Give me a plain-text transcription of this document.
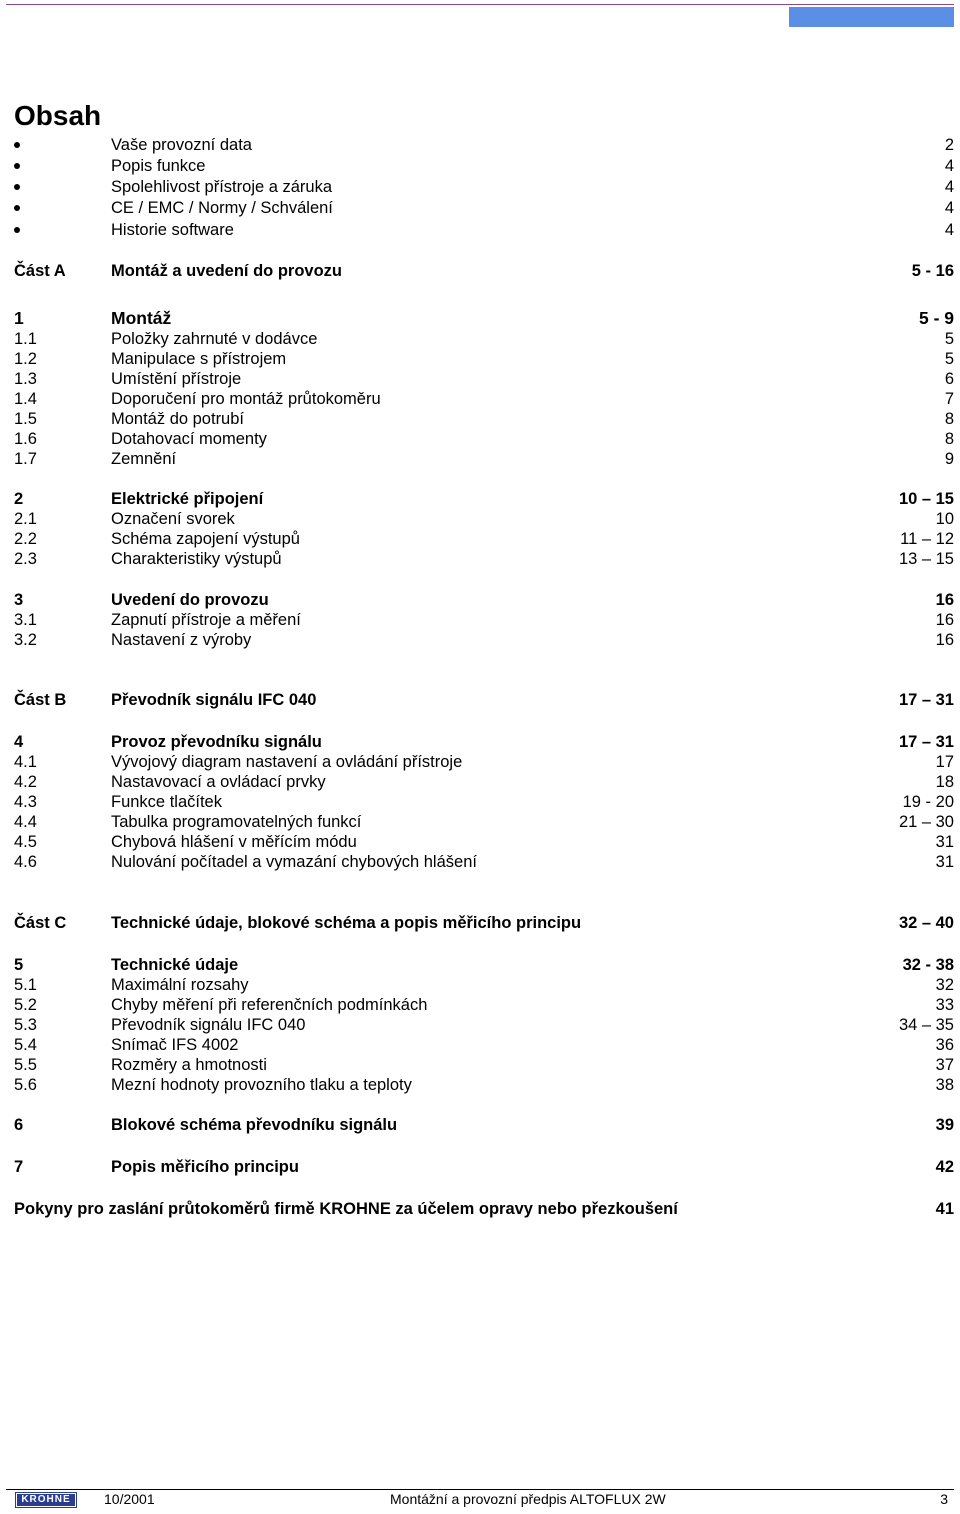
Obsah
Vaše provozní data	2
Popis funkce	4
Spolehlivost přístroje a záruka	4
CE / EMC / Normy / Schválení	4
Historie software	4
Část A	Montáž a uvedení do provozu	5 - 16
1	Montáž	5 - 9
1.1	Položky zahrnuté v dodávce	5
1.2	Manipulace s přístrojem	5
1.3	Umístění přístroje	6
1.4	Doporučení pro montáž průtokoměru	7
1.5	Montáž do potrubí	8
1.6	Dotahovací momenty	8
1.7	Zemnění	9
2	Elektrické připojení	10 – 15
2.1	Označení svorek	10
2.2	Schéma zapojení výstupů	11 – 12
2.3	Charakteristiky výstupů	13 – 15
3	Uvedení do provozu	16
3.1	Zapnutí přístroje a měření	16
3.2	Nastavení z výroby	16
Část B	Převodník signálu IFC 040	17 – 31
4	Provoz převodníku signálu	17 – 31
4.1	Vývojový diagram nastavení a ovládání přístroje	17
4.2	Nastavovací a ovládací prvky	18
4.3	Funkce tlačítek	19 - 20
4.4	Tabulka programovatelných funkcí	21 – 30
4.5	Chybová hlášení v měřícím módu	31
4.6	Nulování počítadel a vymazání chybových hlášení	31
Část C	Technické údaje, blokové schéma a popis měřicího principu	32 – 40
5	Technické údaje	32 - 38
5.1	Maximální rozsahy	32
5.2	Chyby měření při referenčních podmínkách	33
5.3	Převodník signálu IFC 040	34 – 35
5.4	Snímač IFS 4002	36
5.5	Rozměry a hmotnosti	37
5.6	Mezní hodnoty provozního tlaku a teploty	38
6	Blokové schéma převodníku signálu	39
7	Popis měřicího principu	42
Pokyny pro zaslání průtokoměrů firmě KROHNE za účelem opravy nebo přezkoušení	41
KROHNE	10/2001	Montážní a provozní předpis ALTOFLUX 2W	3
